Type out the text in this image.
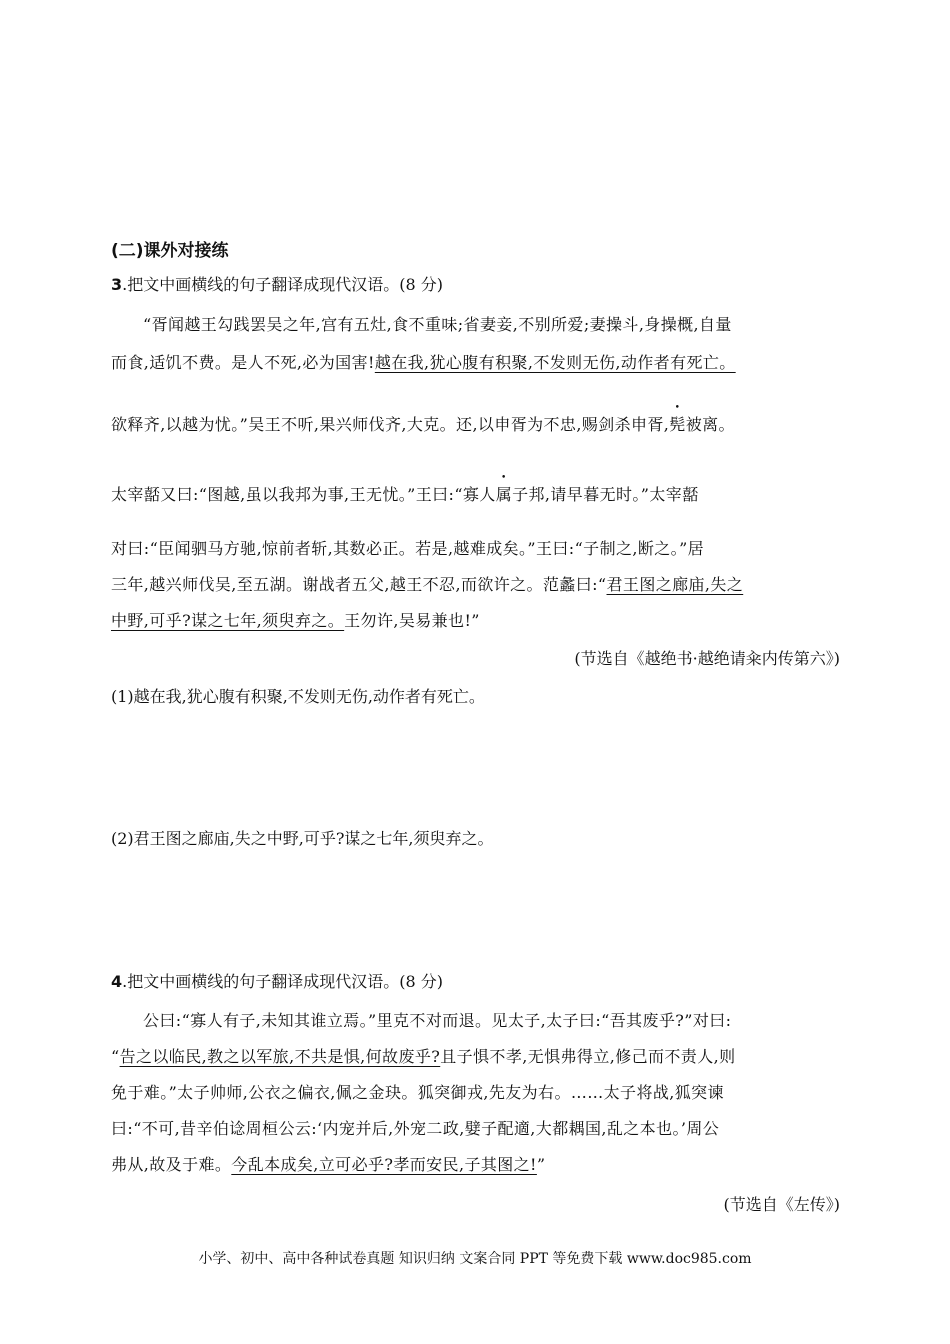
(二)课外对接练
3.把文中画横线的句子翻译成现代汉语。(8 分)
“胥闻越王勾践罢吴之年,宫有五灶,食不重味;省妻妾,不别所爱;妻操斗,身操概,自量
而食,适饥不费。是人不死,必为国害!越在我,犹心腹有积聚,不发则无伤,动作者有死亡。
欲释齐,以越为忧。”吴王不听,果兴师伐齐,大克。还,以申胥为不忠,赐剑杀申胥,髡被离。
太宰嚭又曰:“图越,虽以我邦为事,王无忧。”王曰:“寡人属子邦,请早暮无时。”太宰嚭
对曰:“臣闻驷马方驰,惊前者斩,其数必正。若是,越难成矣。”王曰:“子制之,断之。”居
三年,越兴师伐吴,至五湖。谢战者五父,越王不忍,而欲许之。范蠡曰:“君王图之廊庙,失之
中野,可乎?谋之七年,须臾弃之。王勿许,吴易兼也!”
(节选自《越绝书·越绝请籴内传第六》)
(1)越在我,犹心腹有积聚,不发则无伤,动作者有死亡。
(2)君王图之廊庙,失之中野,可乎?谋之七年,须臾弃之。
4.把文中画横线的句子翻译成现代汉语。(8 分)
公曰:“寡人有子,未知其谁立焉。”里克不对而退。见太子,太子曰:“吾其废乎?”对曰:
“告之以临民,教之以军旅,不共是惧,何故废乎?且子惧不孝,无惧弗得立,修己而不责人,则
免于难。”太子帅师,公衣之偏衣,佩之金玦。狐突御戎,先友为右。……太子将战,狐突谏
曰:“不可,昔辛伯谂周桓公云:‘内宠并后,外宠二政,嬖子配適,大都耦国,乱之本也。’周公
弗从,故及于难。今乱本成矣,立可必乎?孝而安民,子其图之!”
(节选自《左传》)
小学、初中、高中各种试卷真题 知识归纳 文案合同 PPT 等免费下载 www.doc985.com
